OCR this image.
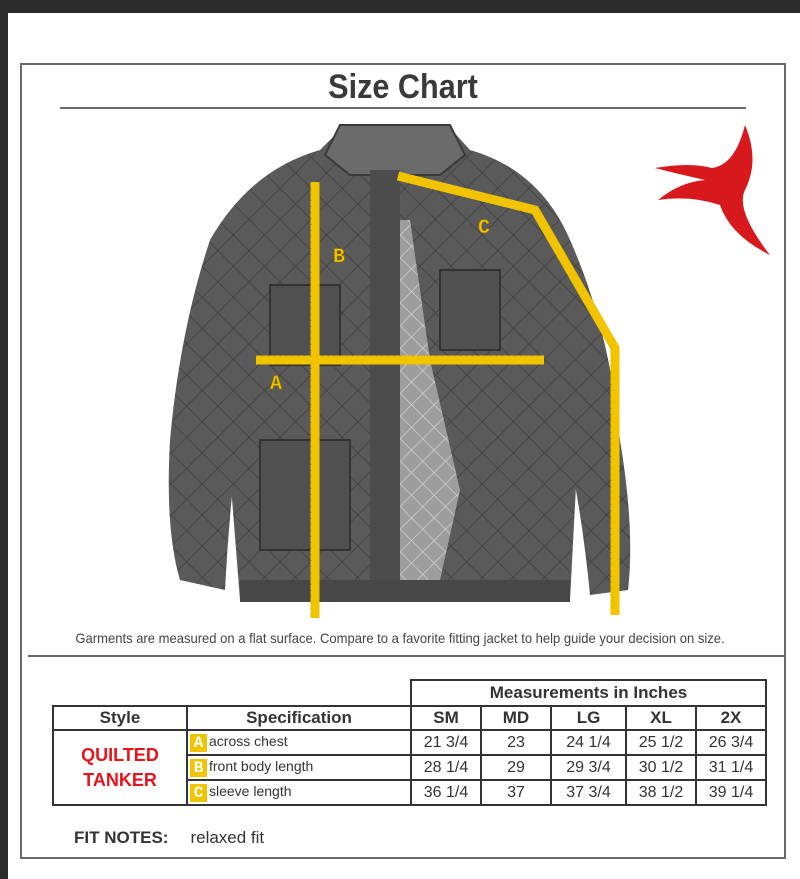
Size Chart
A
B
C
Garments are measured on a flat surface. Compare to a favorite fitting jacket to help guide your decision on size.
		Measurements in Inches				
Style	Specification	SM	MD	LG	XL	2X

QUILTED
TANKER	A across chest	21 3/4	23	24 1/4	25 1/2	26 3/4
	B front body length	28 1/4	29	29 3/4	30 1/2	31 1/4
	C sleeve length	36 1/4	37	37 3/4	38 1/2	39 1/4
FIT NOTES: relaxed fit
